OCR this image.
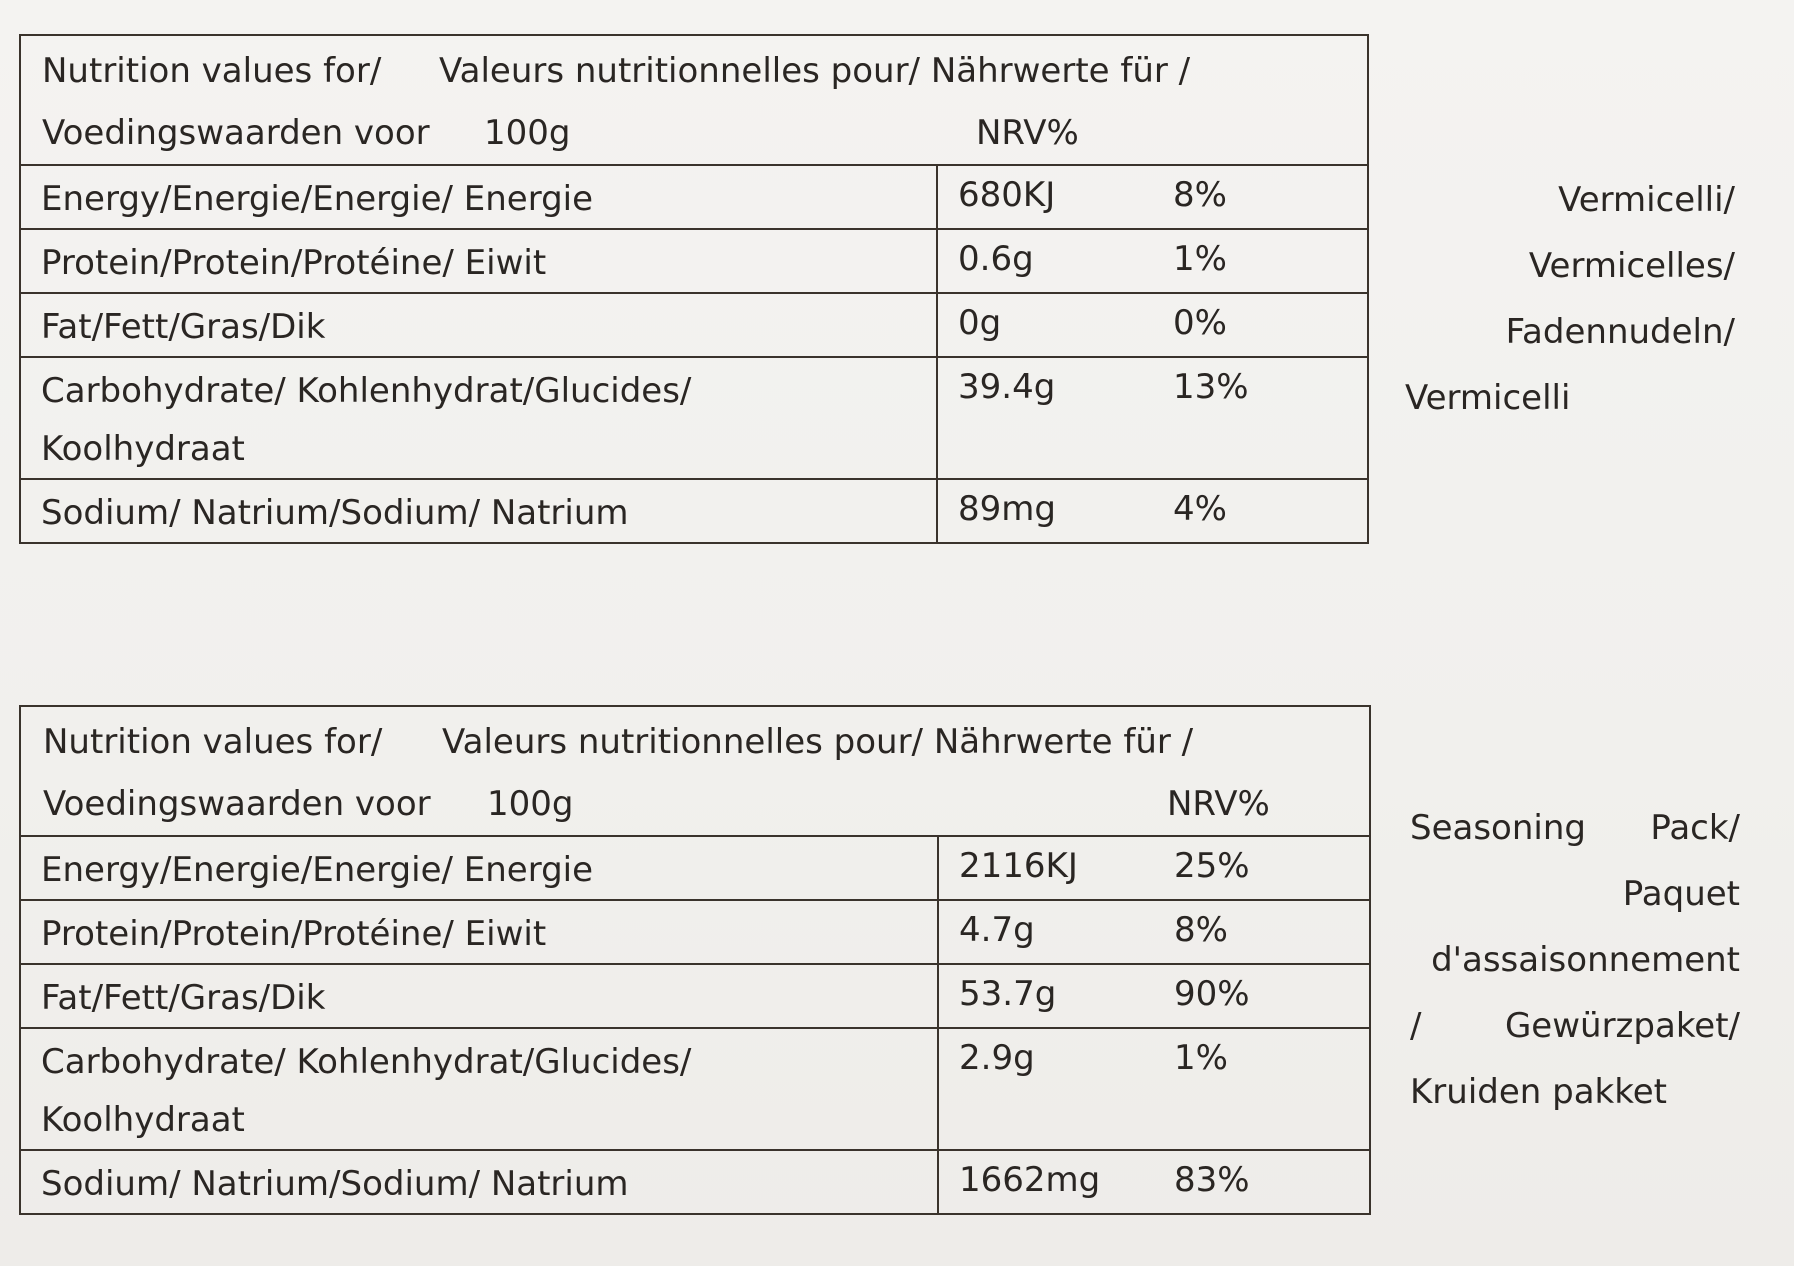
Nutrition values for/ Valeurs nutritionnelles pour/ Nährwerte für /
Voedingswaarden voor 100g NRV%	

Energy/Energie/Energie/ Energie	680KJ 8%

Protein/Protein/Protéine/ Eiwit	0.6g 1%

Fat/Fett/Gras/Dik	0g 0%

Carbohydrate/ Kohlenhydrat/Glucides/
Koolhydraat	39.4g 13%

Sodium/ Natrium/Sodium/ Natrium	89mg 4%
Vermicelli/
Vermicelles/
Fadennudeln/
Vermicelli
Nutrition values for/ Valeurs nutritionnelles pour/ Nährwerte für /
Voedingswaarden voor 100g NRV%	

Energy/Energie/Energie/ Energie	2116KJ 25%

Protein/Protein/Protéine/ Eiwit	4.7g 8%

Fat/Fett/Gras/Dik	53.7g 90%

Carbohydrate/ Kohlenhydrat/Glucides/
Koolhydraat	2.9g 1%

Sodium/ Natrium/Sodium/ Natrium	1662mg 83%
Seasoning Pack/
Paquet
d'assaisonnement
/ Gewürzpaket/
Kruiden pakket
